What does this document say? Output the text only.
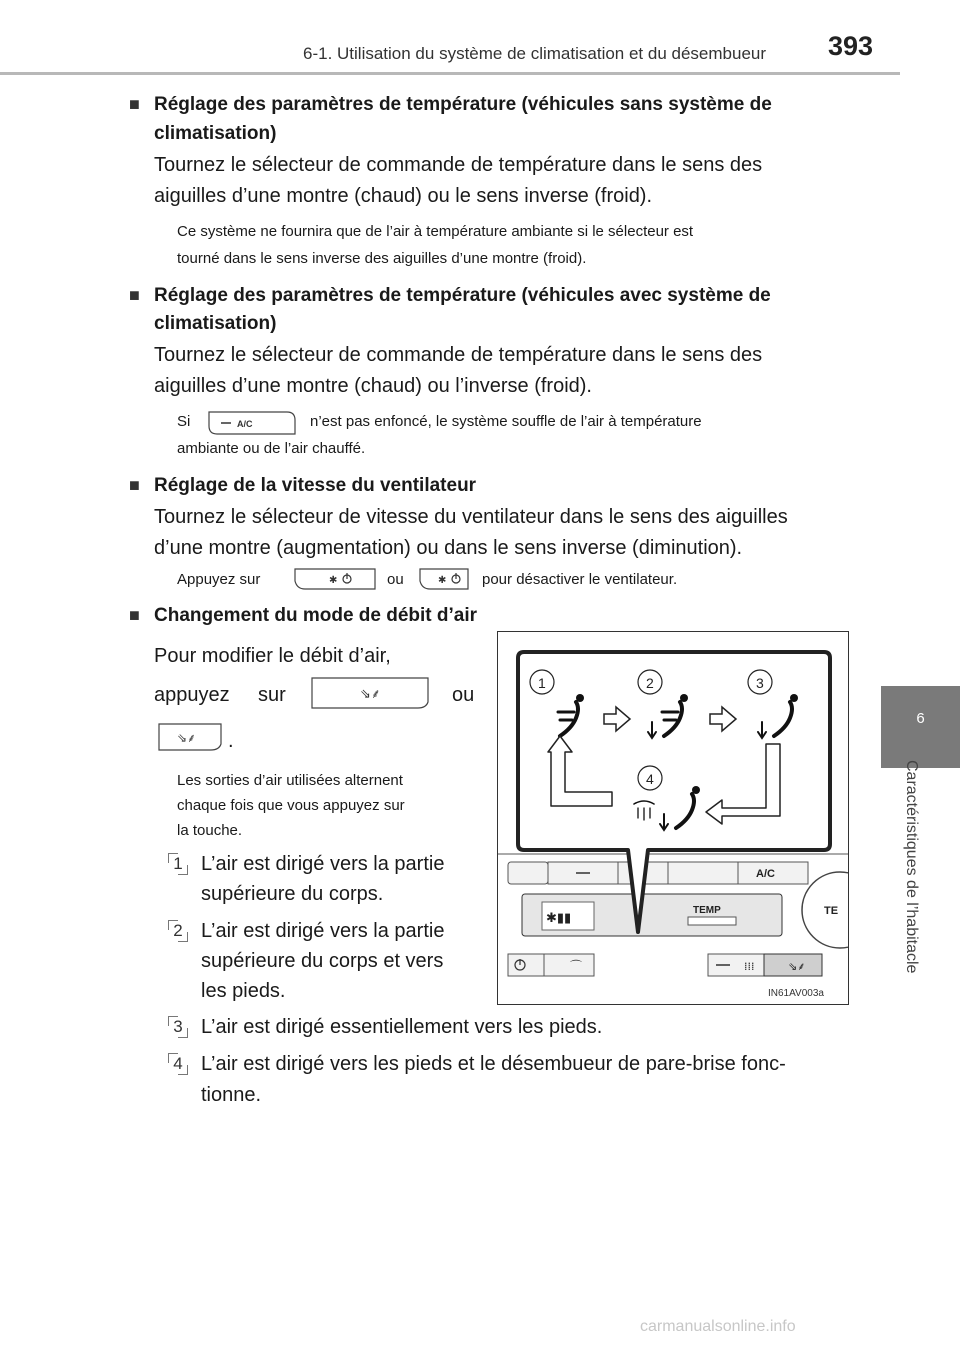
6-1. Utilisation du système de climatisation et du désembueur 393
6
Caractéristiques de l’habitacle
■ Réglage des paramètres de température (véhicules sans système de
climatisation)
Tournez le sélecteur de commande de température dans le sens des
aiguilles d’une montre (chaud) ou le sens inverse (froid).
Ce système ne fournira que de l’air à température ambiante si le sélecteur est
tourné dans le sens inverse des aiguilles d’une montre (froid).
■ Réglage des paramètres de température (véhicules avec système de
climatisation)
Tournez le sélecteur de commande de température dans le sens des
aiguilles d’une montre (chaud) ou l’inverse (froid).
Si	A/C	n’est pas enfoncé, le système souffle de l’air à température
ambiante ou de l’air chauffé.
■ Réglage de la vitesse du ventilateur
Tournez le sélecteur de vitesse du ventilateur dans le sens des aiguilles
d’une montre (augmentation) ou dans le sens inverse (diminution).
Appuyez sur	✱	ou	✱ pour désactiver le ventilateur.
■ Changement du mode de débit d’air
Pour modifier le débit d’air,
appuyez sur	⇘⸙	ou
⇘⸙ .
Les sorties d’air utilisées alternent
chaque fois que vous appuyez sur
la touche.
1 L’air est dirigé vers la partie
supérieure du corps.
2 L’air est dirigé vers la partie
supérieure du corps et vers
les pieds.
3 L’air est dirigé essentiellement vers les pieds.
4 L’air est dirigé vers les pieds et le désembueur de pare-brise fonc-
tionne.
A/C
✱▮▮
TEMP	TE
⌒	⁞⁞⁞	⇘⸙
IN61AV003a
1	2	3
4
carmanualsonline.info
